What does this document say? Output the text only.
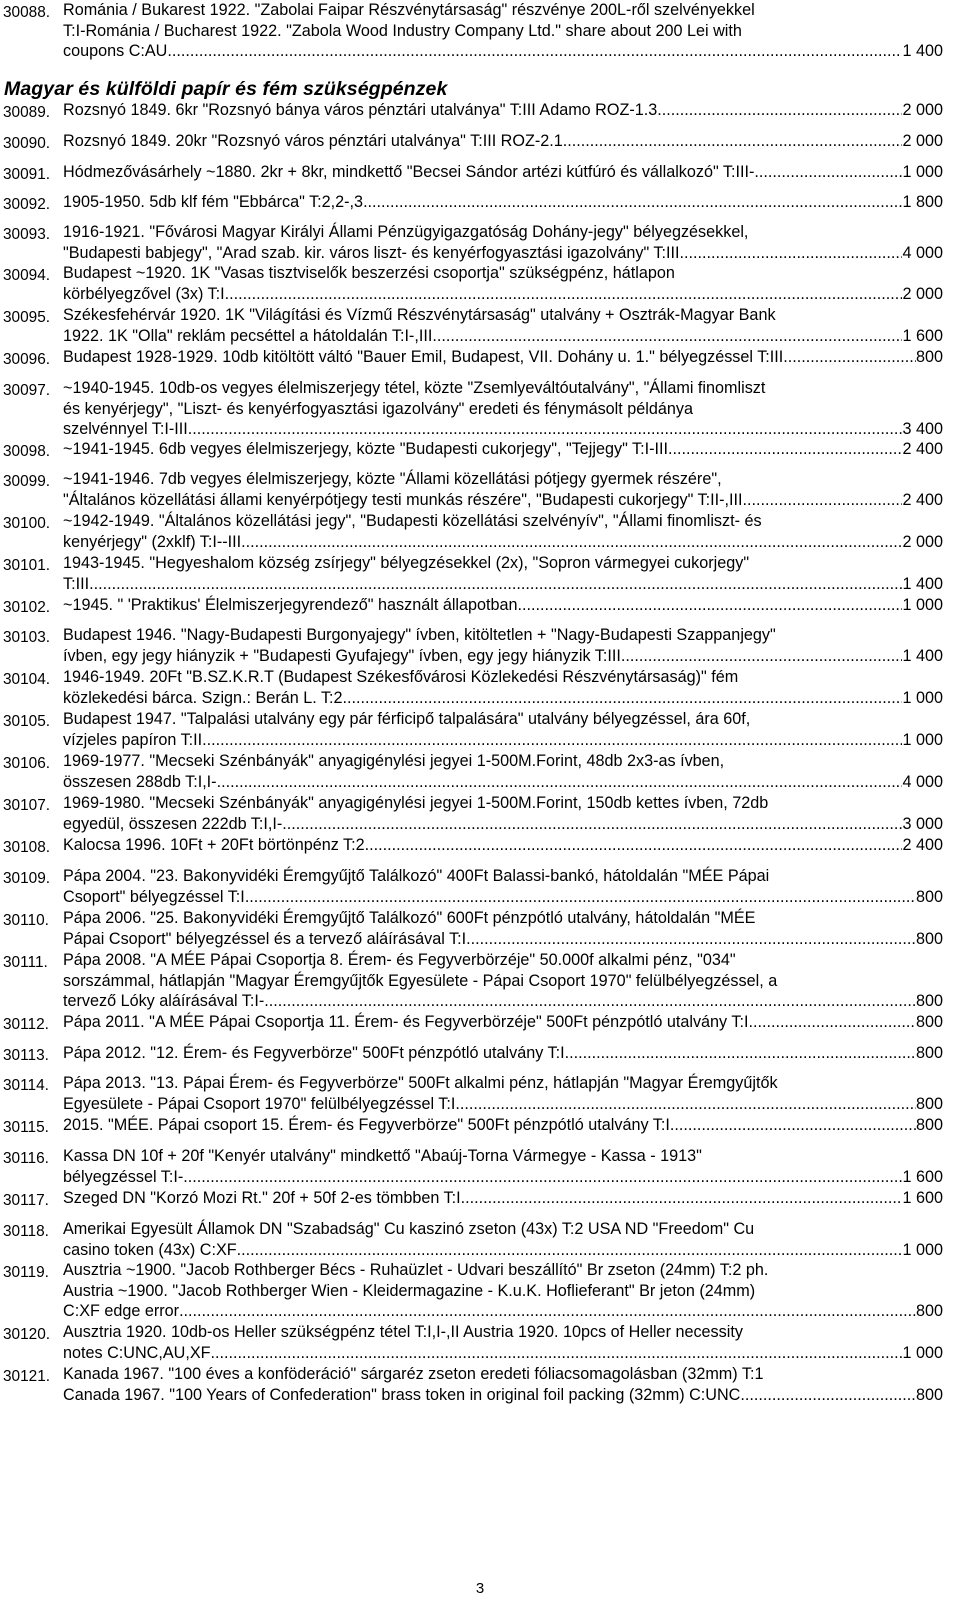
Magyar és külföldi papír és fém szükségpénzek
30088. Románia / Bukarest 1922. "Zabolai Faipar Részvénytársaság" részvénye 200L-ről szelvényekkel
T:I-Románia / Bucharest 1922. "Zabola Wood Industry Company Ltd." share about 200 Lei with
coupons C:AU. .....	1 400
30089. Rozsnyó 1849. 6kr "Rozsnyó bánya város pénztári utalványa" T:III Adamo ROZ-1.3 .....	2 000
30090. Rozsnyó 1849. 20kr "Rozsnyó város pénztári utalványa" T:III ROZ-2.1. .....	2 000
30091. Hódmezővásárhely ~1880. 2kr + 8kr, mindkettő "Becsei Sándor artézi kútfúró és vállalkozó" T:III- .....	1 000
30092. 1905-1950. 5db klf fém "Ebbárca" T:2,2-,3 .....	1 800
30093. 1916-1921. "Fővárosi Magyar Királyi Állami Pénzügyigazgatóság Dohány-jegy" bélyegzésekkel,
"Budapesti babjegy", "Arad szab. kir. város liszt- és kenyérfogyasztási igazolvány" T:III .....	4 000
30094. Budapest ~1920. 1K "Vasas tisztviselők beszerzési csoportja" szükségpénz, hátlapon
körbélyegzővel (3x) T:I .....	2 000
30095. Székesfehérvár 1920. 1K "Világítási és Vízmű Részvénytársaság" utalvány + Osztrák-Magyar Bank
1922. 1K "Olla" reklám pecséttel a hátoldalán T:I-,III. .....	1 600
30096. Budapest 1928-1929. 10db kitöltött váltó "Bauer Emil, Budapest, VII. Dohány u. 1." bélyegzéssel T:III. .....	800
30097. ~1940-1945. 10db-os vegyes élelmiszerjegy tétel, közte "Zsemlyeváltóutalvány", "Állami finomliszt
és kenyérjegy", "Liszt- és kenyérfogyasztási igazolvány" eredeti és fénymásolt példánya
szelvénnyel T:I-III .....	3 400
30098. ~1941-1945. 6db vegyes élelmiszerjegy, közte "Budapesti cukorjegy", "Tejjegy" T:I-III .....	2 400
30099. ~1941-1946. 7db vegyes élelmiszerjegy, közte "Állami közellátási pótjegy gyermek részére",
"Általános közellátási állami kenyérpótjegy testi munkás részére", "Budapesti cukorjegy" T:II-,III .....	2 400
30100. ~1942-1949. "Általános közellátási jegy", "Budapesti közellátási szelvényív", "Állami finomliszt- és
kenyérjegy" (2xklf) T:I--III .....	2 000
30101. 1943-1945. "Hegyeshalom község zsírjegy" bélyegzésekkel (2x), "Sopron vármegyei cukorjegy"
T:III .....	1 400
30102. ~1945. " 'Praktikus' Élelmiszerjegyrendező" használt állapotban .....	1 000
30103. Budapest 1946. "Nagy-Budapesti Burgonyajegy" ívben, kitöltetlen + "Nagy-Budapesti Szappanjegy"
ívben, egy jegy hiányzik + "Budapesti Gyufajegy" ívben, egy jegy hiányzik T:III .....	1 400
30104. 1946-1949. 20Ft "B.SZ.K.R.T (Budapest Székesfővárosi Közlekedési Részvénytársaság)" fém
közlekedési bárca. Szign.: Berán L. T:2 .....	1 000
30105. Budapest 1947. "Talpalási utalvány egy pár férficipő talpalására" utalvány bélyegzéssel, ára 60f,
vízjeles papíron T:II .....	1 000
30106. 1969-1977. "Mecseki Szénbányák" anyagigénylési jegyei 1-500M.Forint, 48db 2x3-as ívben,
összesen 288db T:I,I- .....	4 000
30107. 1969-1980. "Mecseki Szénbányák" anyagigénylési jegyei 1-500M.Forint, 150db kettes ívben, 72db
egyedül, összesen 222db T:I,I- .....	3 000
30108. Kalocsa 1996. 10Ft + 20Ft börtönpénz T:2 .....	2 400
30109. Pápa 2004. "23. Bakonyvidéki Éremgyűjtő Találkozó" 400Ft Balassi-bankó, hátoldalán "MÉE Pápai
Csoport" bélyegzéssel T:I .....	800
30110. Pápa 2006. "25. Bakonyvidéki Éremgyűjtő Találkozó" 600Ft pénzpótló utalvány, hátoldalán "MÉE
Pápai Csoport" bélyegzéssel és a tervező aláírásával T:I .....	800
30111. Pápa 2008. "A MÉE Pápai Csoportja 8. Érem- és Fegyverbörzéje" 50.000f alkalmi pénz, "034"
sorszámmal, hátlapján "Magyar Éremgyűjtők Egyesülete - Pápai Csoport 1970" felülbélyegzéssel, a
tervező Lóky aláírásával T:I- .....	800
30112. Pápa 2011. "A MÉE Pápai Csoportja 11. Érem- és Fegyverbörzéje" 500Ft pénzpótló utalvány T:I. .....	800
30113. Pápa 2012. "12. Érem- és Fegyverbörze" 500Ft pénzpótló utalvány T:I .....	800
30114. Pápa 2013. "13. Pápai Érem- és Fegyverbörze" 500Ft alkalmi pénz, hátlapján "Magyar Éremgyűjtők
Egyesülete - Pápai Csoport 1970" felülbélyegzéssel T:I .....	800
30115. 2015. "MÉE. Pápai csoport 15. Érem- és Fegyverbörze" 500Ft pénzpótló utalvány T:I .....	800
30116. Kassa DN 10f + 20f "Kenyér utalvány" mindkettő "Abaúj-Torna Vármegye - Kassa - 1913"
bélyegzéssel T:I- .....	1 600
30117. Szeged DN "Korzó Mozi Rt." 20f + 50f 2-es tömbben T:I .....	1 600
30118. Amerikai Egyesült Államok DN "Szabadság" Cu kaszinó zseton (43x) T:2 USA ND "Freedom" Cu
casino token (43x) C:XF .....	1 000
30119. Ausztria ~1900. "Jacob Rothberger Bécs - Ruhaüzlet - Udvari beszállító" Br zseton (24mm) T:2 ph.
Austria ~1900. "Jacob Rothberger Wien - Kleidermagazine - K.u.K. Hoflieferant" Br jeton (24mm)
C:XF edge error .....	800
30120. Ausztria 1920. 10db-os Heller szükségpénz tétel T:I,I-,II Austria 1920. 10pcs of Heller necessity
notes C:UNC,AU,XF .....	1 000
30121. Kanada 1967. "100 éves a konföderáció" sárgaréz zseton eredeti fóliacsomagolásban (32mm) T:1
Canada 1967. "100 Years of Confederation" brass token in original foil packing (32mm) C:UNC .....	800
3
